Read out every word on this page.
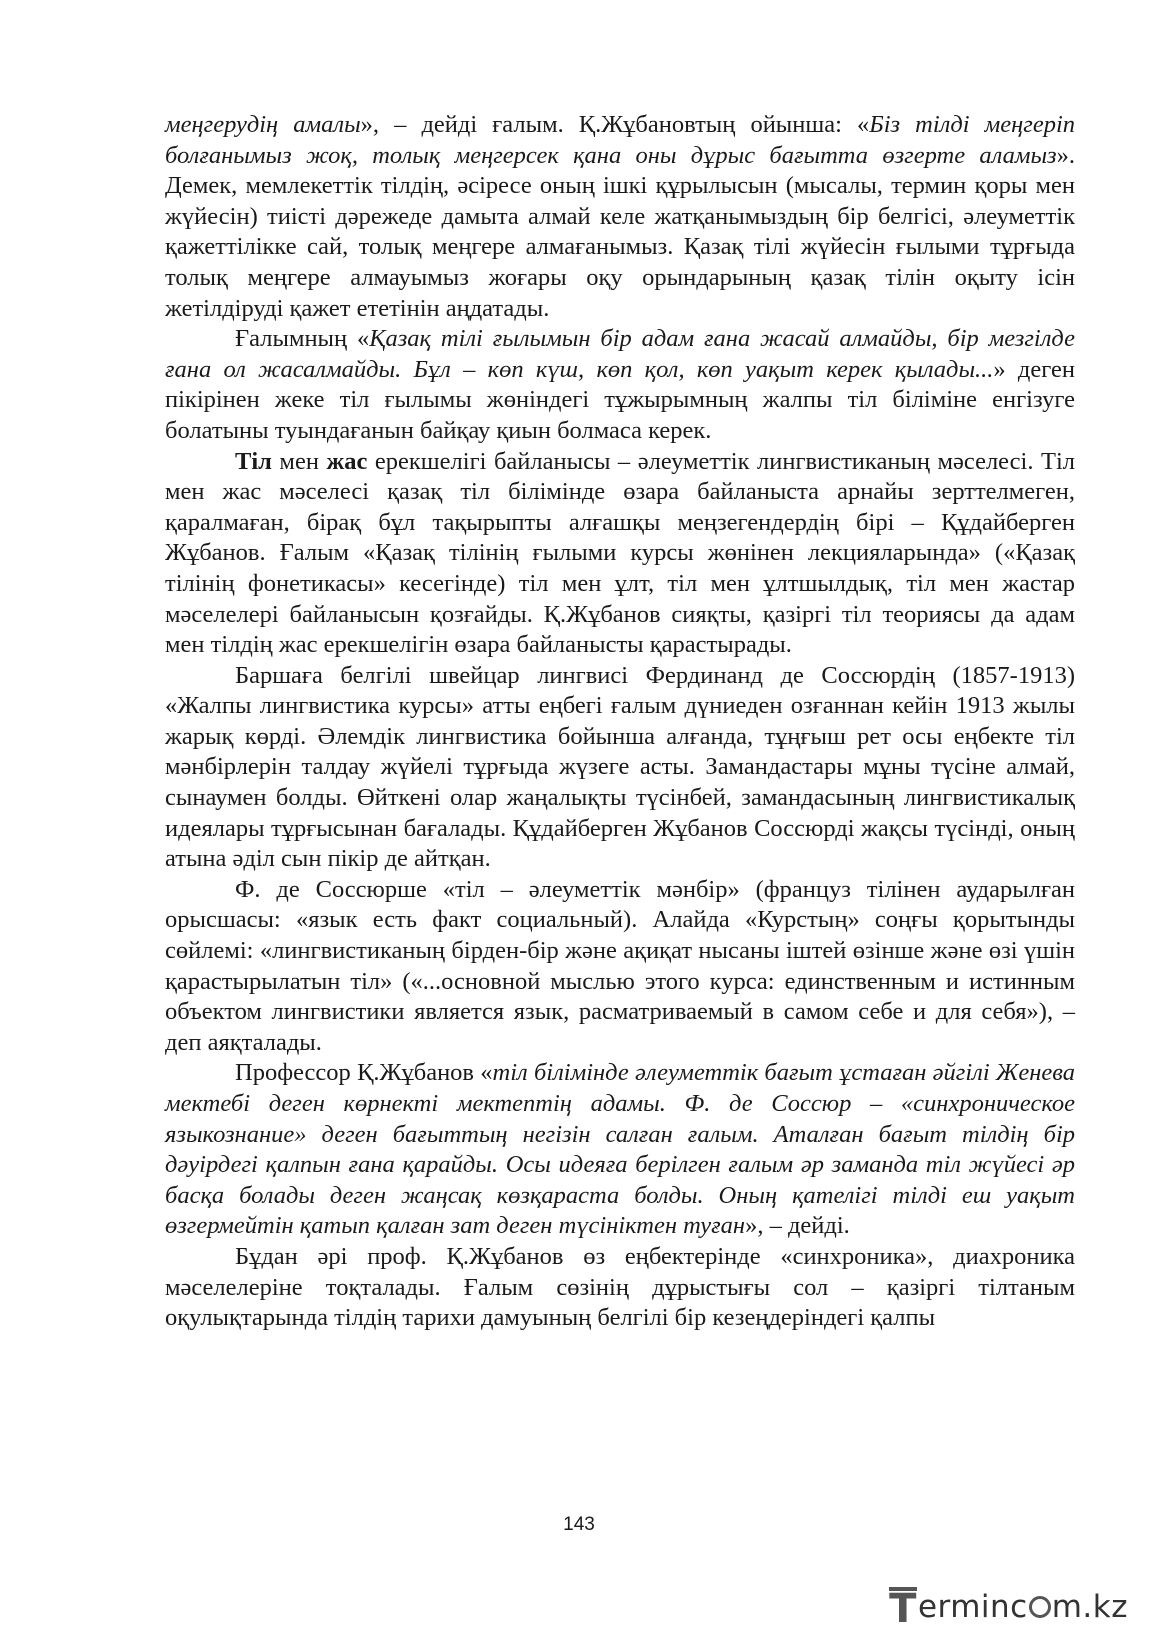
меңгерудің амалы», – дейді ғалым. Қ.Жұбановтың ойынша: «Біз тілді меңгеріп болғанымыз жоқ, толық меңгерсек қана оны дұрыс бағытта өзгерте аламыз». Демек, мемлекеттік тілдің, әсіресе оның ішкі құрылысын (мысалы, термин қоры мен жүйесін) тиісті дәрежеде дамыта алмай келе жатқанымыздың бір белгісі, әлеуметтік қажеттілікке сай, толық меңгере алмағанымыз. Қазақ тілі жүйесін ғылыми тұрғыда толық меңгере алмауымыз жоғары оқу орындарының қазақ тілін оқыту ісін жетілдіруді қажет ететінін аңдатады.

Ғалымның «Қазақ тілі ғылымын бір адам ғана жасай алмайды, бір мезгілде ғана ол жасалмайды. Бұл – көп күш, көп қол, көп уақыт керек қылады...» деген пікірінен жеке тіл ғылымы жөніндегі тұжырымның жалпы тіл біліміне енгізуге болатыны туындағанын байқау қиын болмаса керек.

Тіл мен жас ерекшелігі байланысы – әлеуметтік лингвистиканың мәселесі. Тіл мен жас мәселесі қазақ тіл білімінде өзара байланыста арнайы зерттелмеген, қаралмаған, бірақ бұл тақырыпты алғашқы меңзегендердің бірі – Құдайберген Жұбанов. Ғалым «Қазақ тілінің ғылыми курсы жөнінен лекцияларында» («Қазақ тілінің фонетикасы» кесегінде) тіл мен ұлт, тіл мен ұлтшылдық, тіл мен жастар мәселелері байланысын қозғайды. Қ.Жұбанов сияқты, қазіргі тіл теориясы да адам мен тілдің жас ерекшелігін өзара байланысты қарастырады.

Баршаға белгілі швейцар лингвисі Фердинанд де Соссюрдің (1857-1913) «Жалпы лингвистика курсы» атты еңбегі ғалым дүниеден озғаннан кейін 1913 жылы жарық көрді. Әлемдік лингвистика бойынша алғанда, тұңғыш рет осы еңбекте тіл мәнбірлерін талдау жүйелі тұрғыда жүзеге асты. Замандастары мұны түсіне алмай, сынаумен болды. Өйткені олар жаңалықты түсінбей, замандасының лингвистикалық идеялары тұрғысынан бағалады. Құдайберген Жұбанов Соссюрді жақсы түсінді, оның атына әділ сын пікір де айтқан.

Ф. де Соссюрше «тіл – әлеуметтік мәнбір» (француз тілінен аударылған орысшасы: «язык есть факт социальный). Алайда «Курстың» соңғы қорытынды сөйлемі: «лингвистиканың бірден-бір және ақиқат нысаны іштей өзінше және өзі үшін қарастырылатын тіл» («...основной мыслью этого курса: единственным и истинным объектом лингвистики является язык, расматриваемый в самом себе и для себя»), – деп аяқталады.

Профессор Қ.Жұбанов «тіл білімінде әлеуметтік бағыт ұстаған әйгілі Женева мектебі деген көрнекті мектептің адамы. Ф. де Соссюр – «синхроническое языкознание» деген бағыттың негізін салған ғалым. Аталған бағыт тілдің бір дәуірдегі қалпын ғана қарайды. Осы идеяға берілген ғалым әр заманда тіл жүйесі әр басқа болады деген жаңсақ көзқараста болды. Оның қателігі тілді еш уақыт өзгермейтін қатып қалған зат деген түсініктен туған», – дейді.

Бұдан әрі проф. Қ.Жұбанов өз еңбектерінде «синхроника», диахроника мәселелеріне тоқталады. Ғалым сөзінің дұрыстығы сол – қазіргі тілтаным оқулықтарында тілдің тарихи дамуының белгілі бір кезеңдеріндегі қалпы

143
T ermin c m.kz
